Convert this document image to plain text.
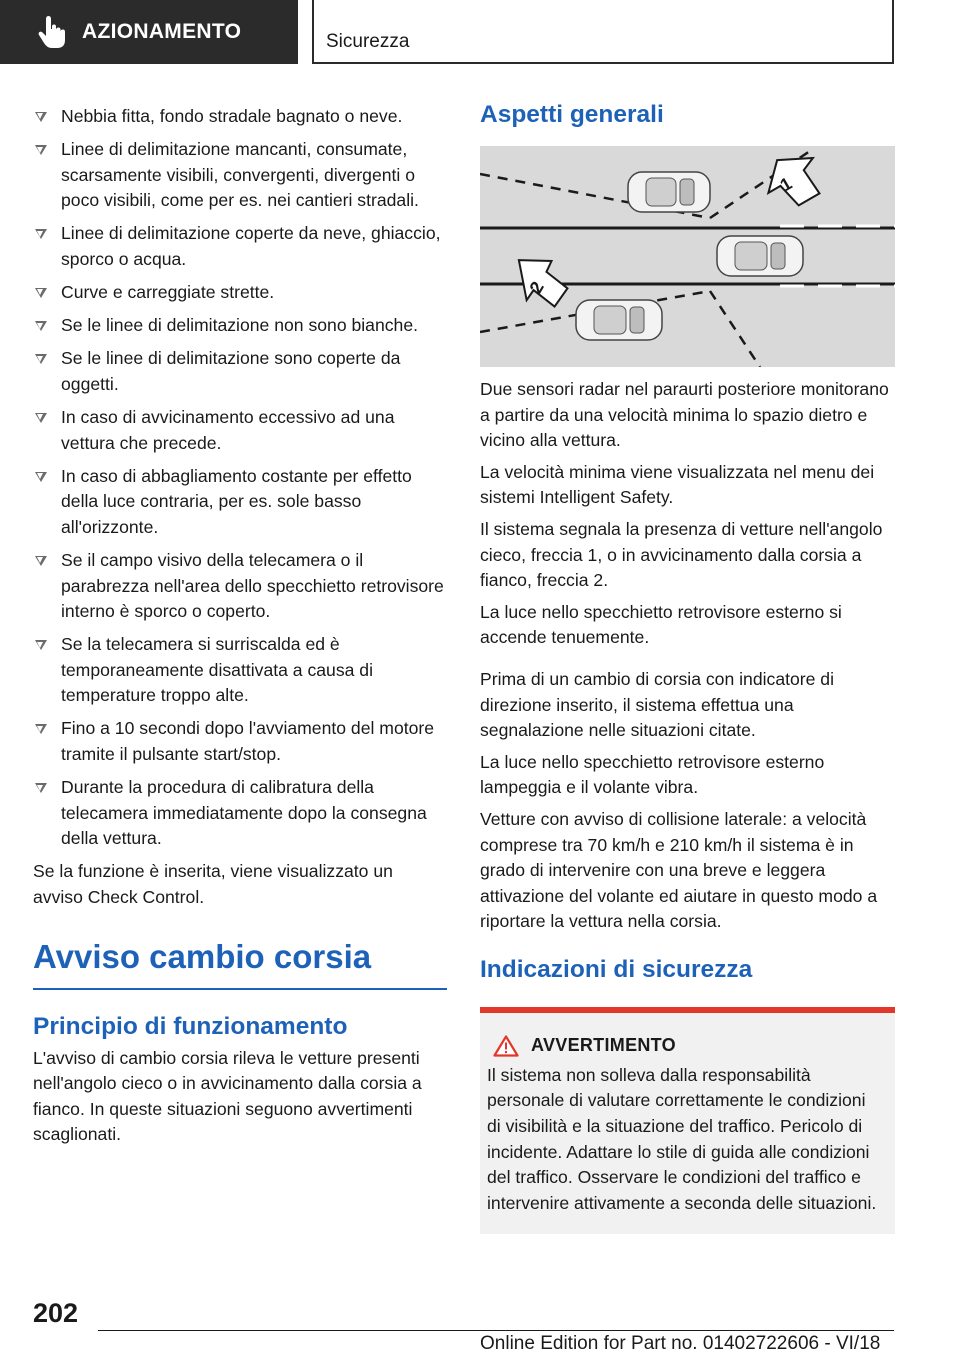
AZIONAMENTO	Sicurezza
Nebbia fitta, fondo stradale bagnato o neve.
Linee di delimitazione mancanti, consumate, scarsamente visibili, convergenti, divergenti o poco visibili, come per es. nei cantieri stradali.
Linee di delimitazione coperte da neve, ghiaccio, sporco o acqua.
Curve e carreggiate strette.
Se le linee di delimitazione non sono bianche.
Se le linee di delimitazione sono coperte da oggetti.
In caso di avvicinamento eccessivo ad una vettura che precede.
In caso di abbagliamento costante per effetto della luce contraria, per es. sole basso all'orizzonte.
Se il campo visivo della telecamera o il parabrezza nell'area dello specchietto retrovisore interno è sporco o coperto.
Se la telecamera si surriscalda ed è temporaneamente disattivata a causa di temperature troppo alte.
Fino a 10 secondi dopo l'avviamento del motore tramite il pulsante start/stop.
Durante la procedura di calibratura della telecamera immediatamente dopo la consegna della vettura.

Se la funzione è inserita, viene visualizzato un avviso Check Control.

Avviso cambio corsia
Principio di funzionamento

L'avviso di cambio corsia rileva le vetture presenti nell'angolo cieco o in avvicinamento dalla corsia a fianco. In queste situazioni seguono avvertimenti scaglionati.

Aspetti generali
1
2

Due sensori radar nel paraurti posteriore monitorano a partire da una velocità minima lo spazio dietro e vicino alla vettura.

La velocità minima viene visualizzata nel menu dei sistemi Intelligent Safety.

Il sistema segnala la presenza di vetture nell'angolo cieco, freccia 1, o in avvicinamento dalla corsia a fianco, freccia 2.

La luce nello specchietto retrovisore esterno si accende tenuemente.

Prima di un cambio di corsia con indicatore di direzione inserito, il sistema effettua una segnalazione nelle situazioni citate.

La luce nello specchietto retrovisore esterno lampeggia e il volante vibra.

Vetture con avviso di collisione laterale: a velocità comprese tra 70 km/h e 210 km/h il sistema è in grado di intervenire con una breve e leggera attivazione del volante ed aiutare in questo modo a riportare la vettura nella corsia.

Indicazioni di sicurezza
AVVERTIMENTO

Il sistema non solleva dalla responsabilità personale di valutare correttamente le condizioni di visibilità e la situazione del traffico. Pericolo di incidente. Adattare lo stile di guida alle condizioni del traffico. Osservare le condizioni del traffico e intervenire attivamente a seconda delle situazioni.

202
Online Edition for Part no. 01402722606 - VI/18
